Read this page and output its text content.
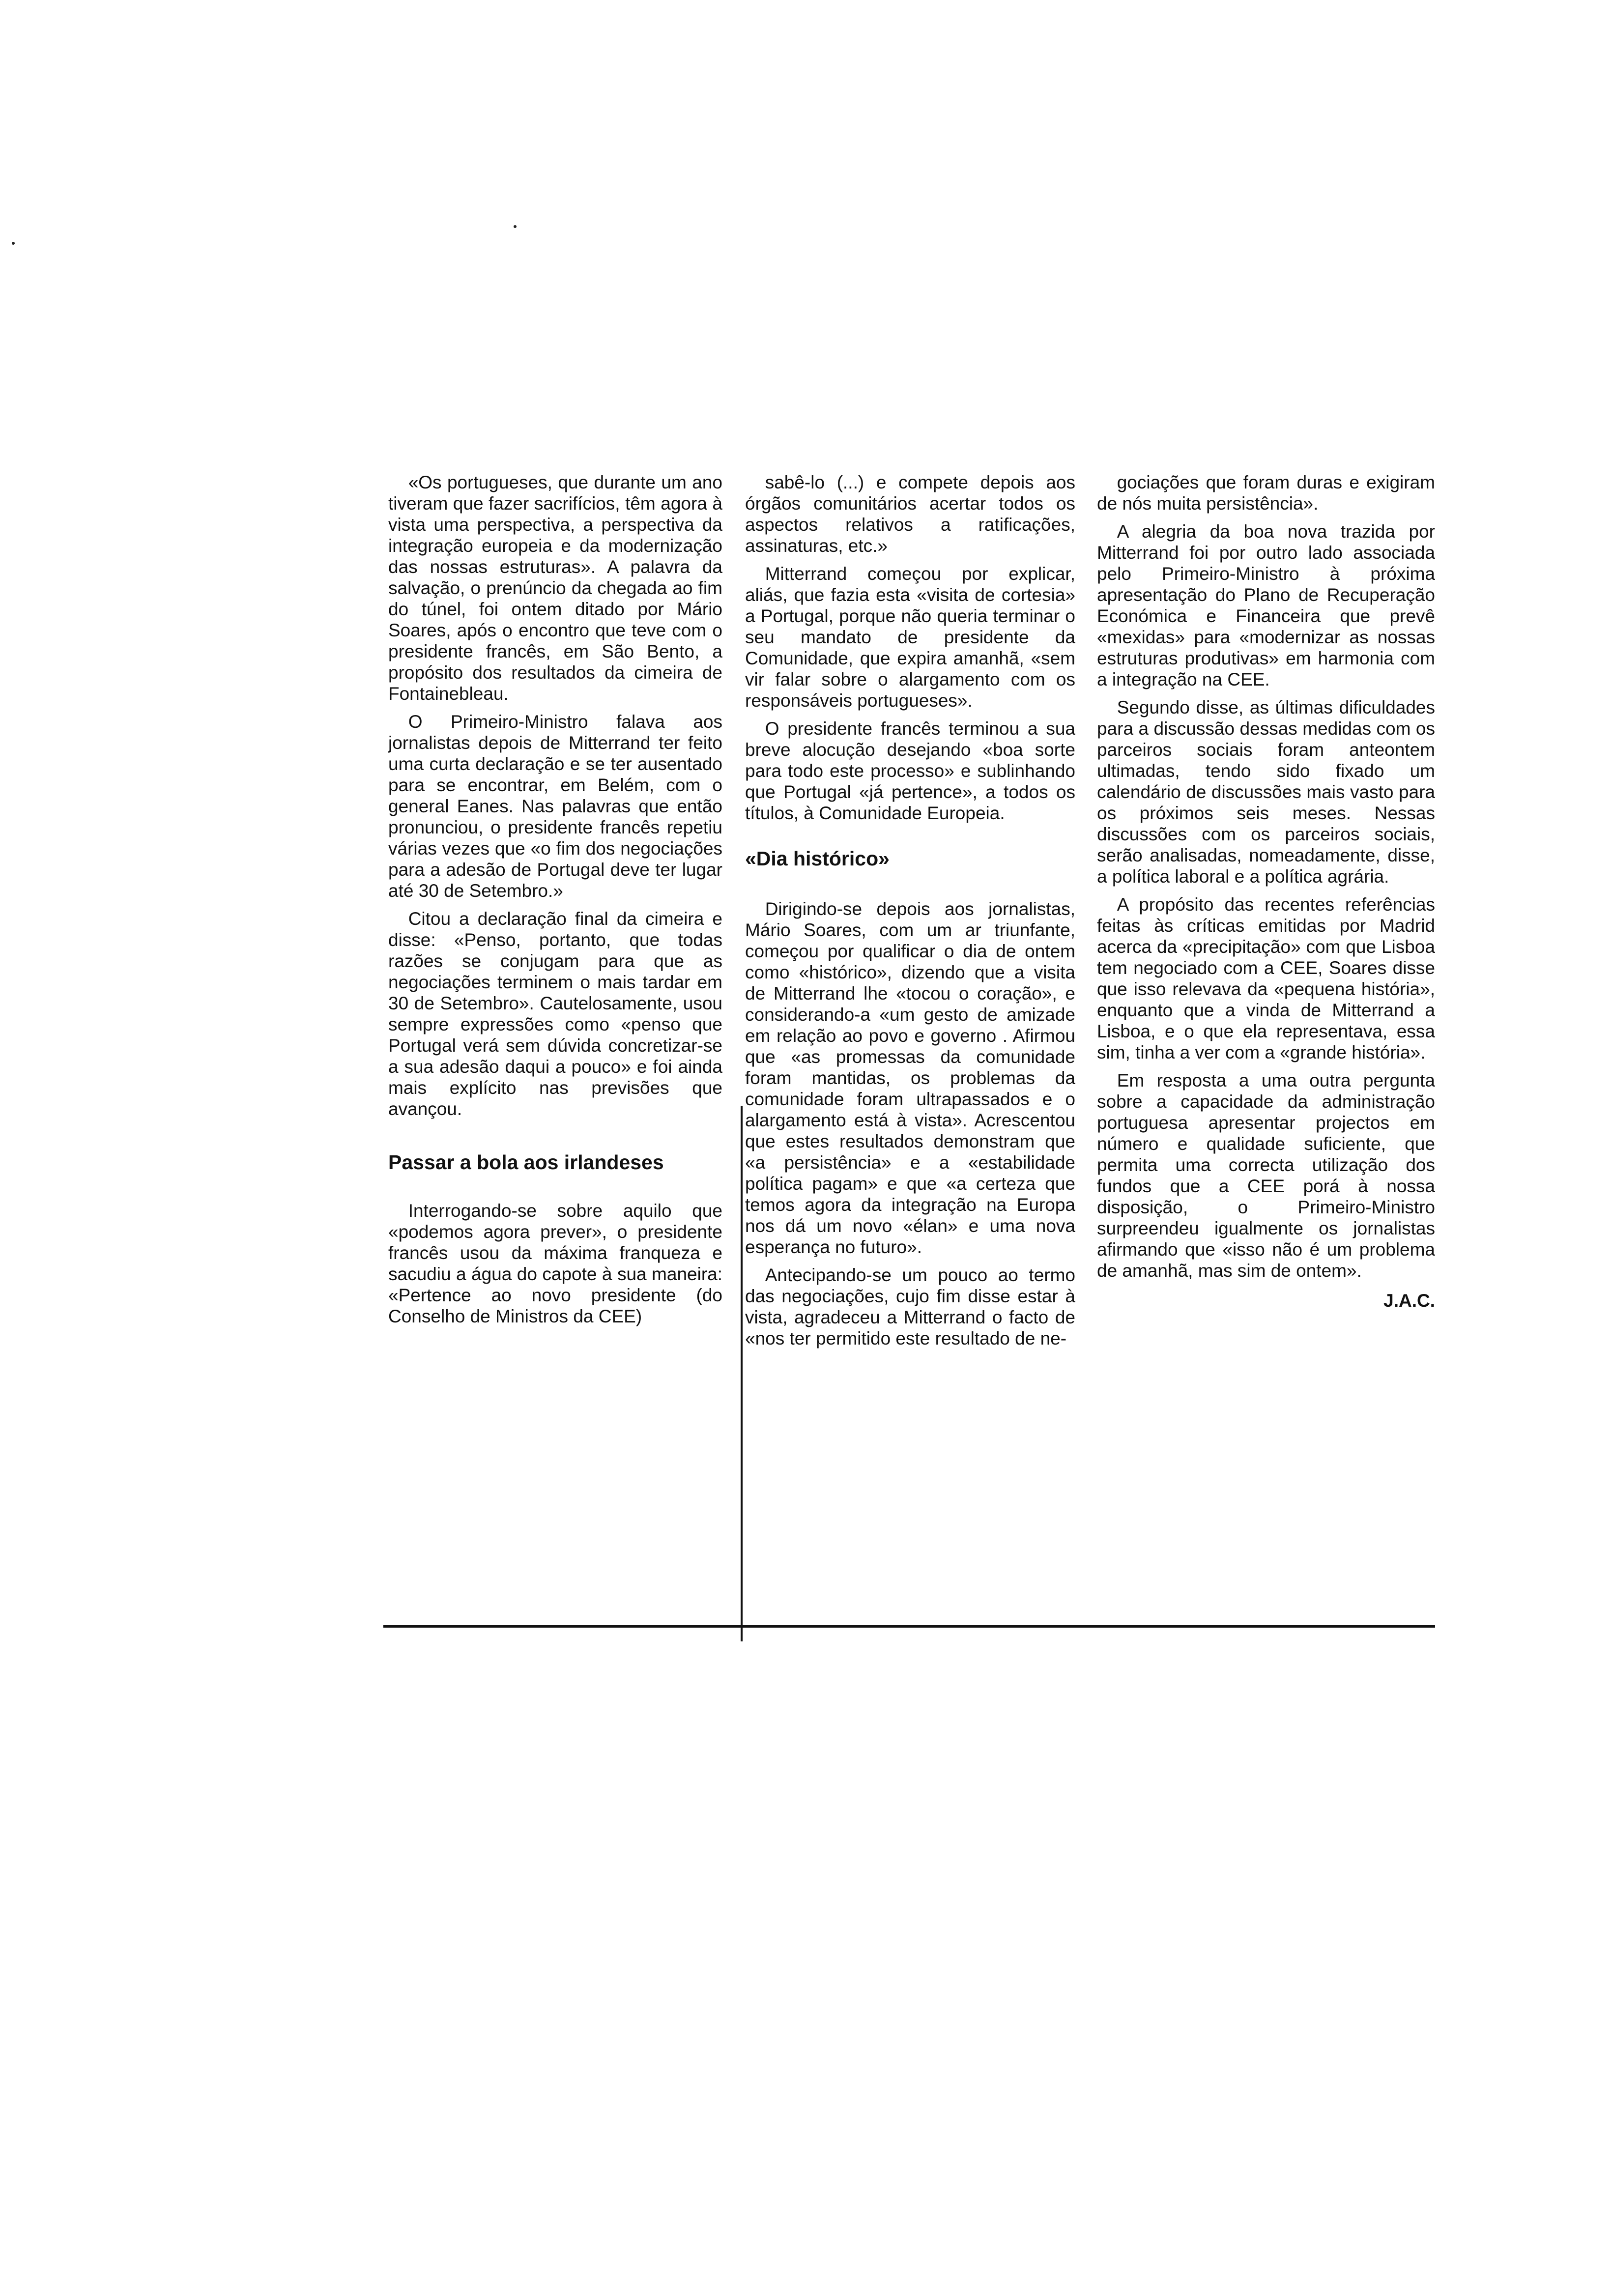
«Os portugueses, que durante um ano tiveram que fazer sacrifícios, têm agora à vista uma perspectiva, a perspectiva da integração europeia e da modernização das nossas estruturas». A palavra da salvação, o prenúncio da chegada ao fim do túnel, foi ontem ditado por Mário Soares, após o encontro que teve com o presidente francês, em São Bento, a propósito dos resultados da cimeira de Fontainebleau.

O Primeiro-Ministro falava aos jornalistas depois de Mitterrand ter feito uma curta declaração e se ter ausentado para se encontrar, em Belém, com o general Eanes. Nas palavras que então pronunciou, o presidente francês repetiu várias vezes que «o fim dos negociações para a adesão de Portugal deve ter lugar até 30 de Setembro.»

Citou a declaração final da cimeira e disse: «Penso, portanto, que todas razões se conjugam para que as negociações terminem o mais tardar em 30 de Setembro». Cautelosamente, usou sempre expressões como «penso que Portugal verá sem dúvida concretizar-se a sua adesão daqui a pouco» e foi ainda mais explícito nas previsões que avançou.

Passar a bola aos irlandeses

Interrogando-se sobre aquilo que «podemos agora prever», o presidente francês usou da máxima franqueza e sacudiu a água do capote à sua maneira: «Pertence ao novo presidente (do Conselho de Ministros da CEE)

sabê-lo (...) e compete depois aos órgãos comunitários acertar todos os aspectos relativos a ratificações, assinaturas, etc.»

Mitterrand começou por explicar, aliás, que fazia esta «visita de cortesia» a Portugal, porque não queria terminar o seu mandato de presidente da Comunidade, que expira amanhã, «sem vir falar sobre o alargamento com os responsáveis portugueses».

O presidente francês terminou a sua breve alocução desejando «boa sorte para todo este processo» e sublinhando que Portugal «já pertence», a todos os títulos, à Comunidade Europeia.

«Dia histórico»

Dirigindo-se depois aos jornalistas, Mário Soares, com um ar triunfante, começou por qualificar o dia de ontem como «histórico», dizendo que a visita de Mitterrand lhe «tocou o coração», e considerando-a «um gesto de amizade em relação ao povo e governo . Afirmou que «as promessas da comunidade foram mantidas, os problemas da comunidade foram ultrapassados e o alargamento está à vista». Acrescentou que estes resultados demonstram que «a persistência» e a «estabilidade política pagam» e que «a certeza que temos agora da integração na Europa nos dá um novo «élan» e uma nova esperança no futuro».

Antecipando-se um pouco ao termo das negociações, cujo fim disse estar à vista, agradeceu a Mitterrand o facto de «nos ter permitido este resultado de ne-

gociações que foram duras e exigiram de nós muita persistência».

A alegria da boa nova trazida por Mitterrand foi por outro lado associada pelo Primeiro-Ministro à próxima apresentação do Plano de Recuperação Económica e Financeira que prevê «mexidas» para «modernizar as nossas estruturas produtivas» em harmonia com a integração na CEE.

Segundo disse, as últimas dificuldades para a discussão dessas medidas com os parceiros sociais foram anteontem ultimadas, tendo sido fixado um calendário de discussões mais vasto para os próximos seis meses. Nessas discussões com os parceiros sociais, serão analisadas, nomeadamente, disse, a política laboral e a política agrária.

A propósito das recentes referências feitas às críticas emitidas por Madrid acerca da «precipitação» com que Lisboa tem negociado com a CEE, Soares disse que isso relevava da «pequena história», enquanto que a vinda de Mitterrand a Lisboa, e o que ela representava, essa sim, tinha a ver com a «grande história».

Em resposta a uma outra pergunta sobre a capacidade da administração portuguesa apresentar projectos em número e qualidade suficiente, que permita uma correcta utilização dos fundos que a CEE porá à nossa disposição, o Primeiro-Ministro surpreendeu igualmente os jornalistas afirmando que «isso não é um problema de amanhã, mas sim de ontem».

J.A.C.
